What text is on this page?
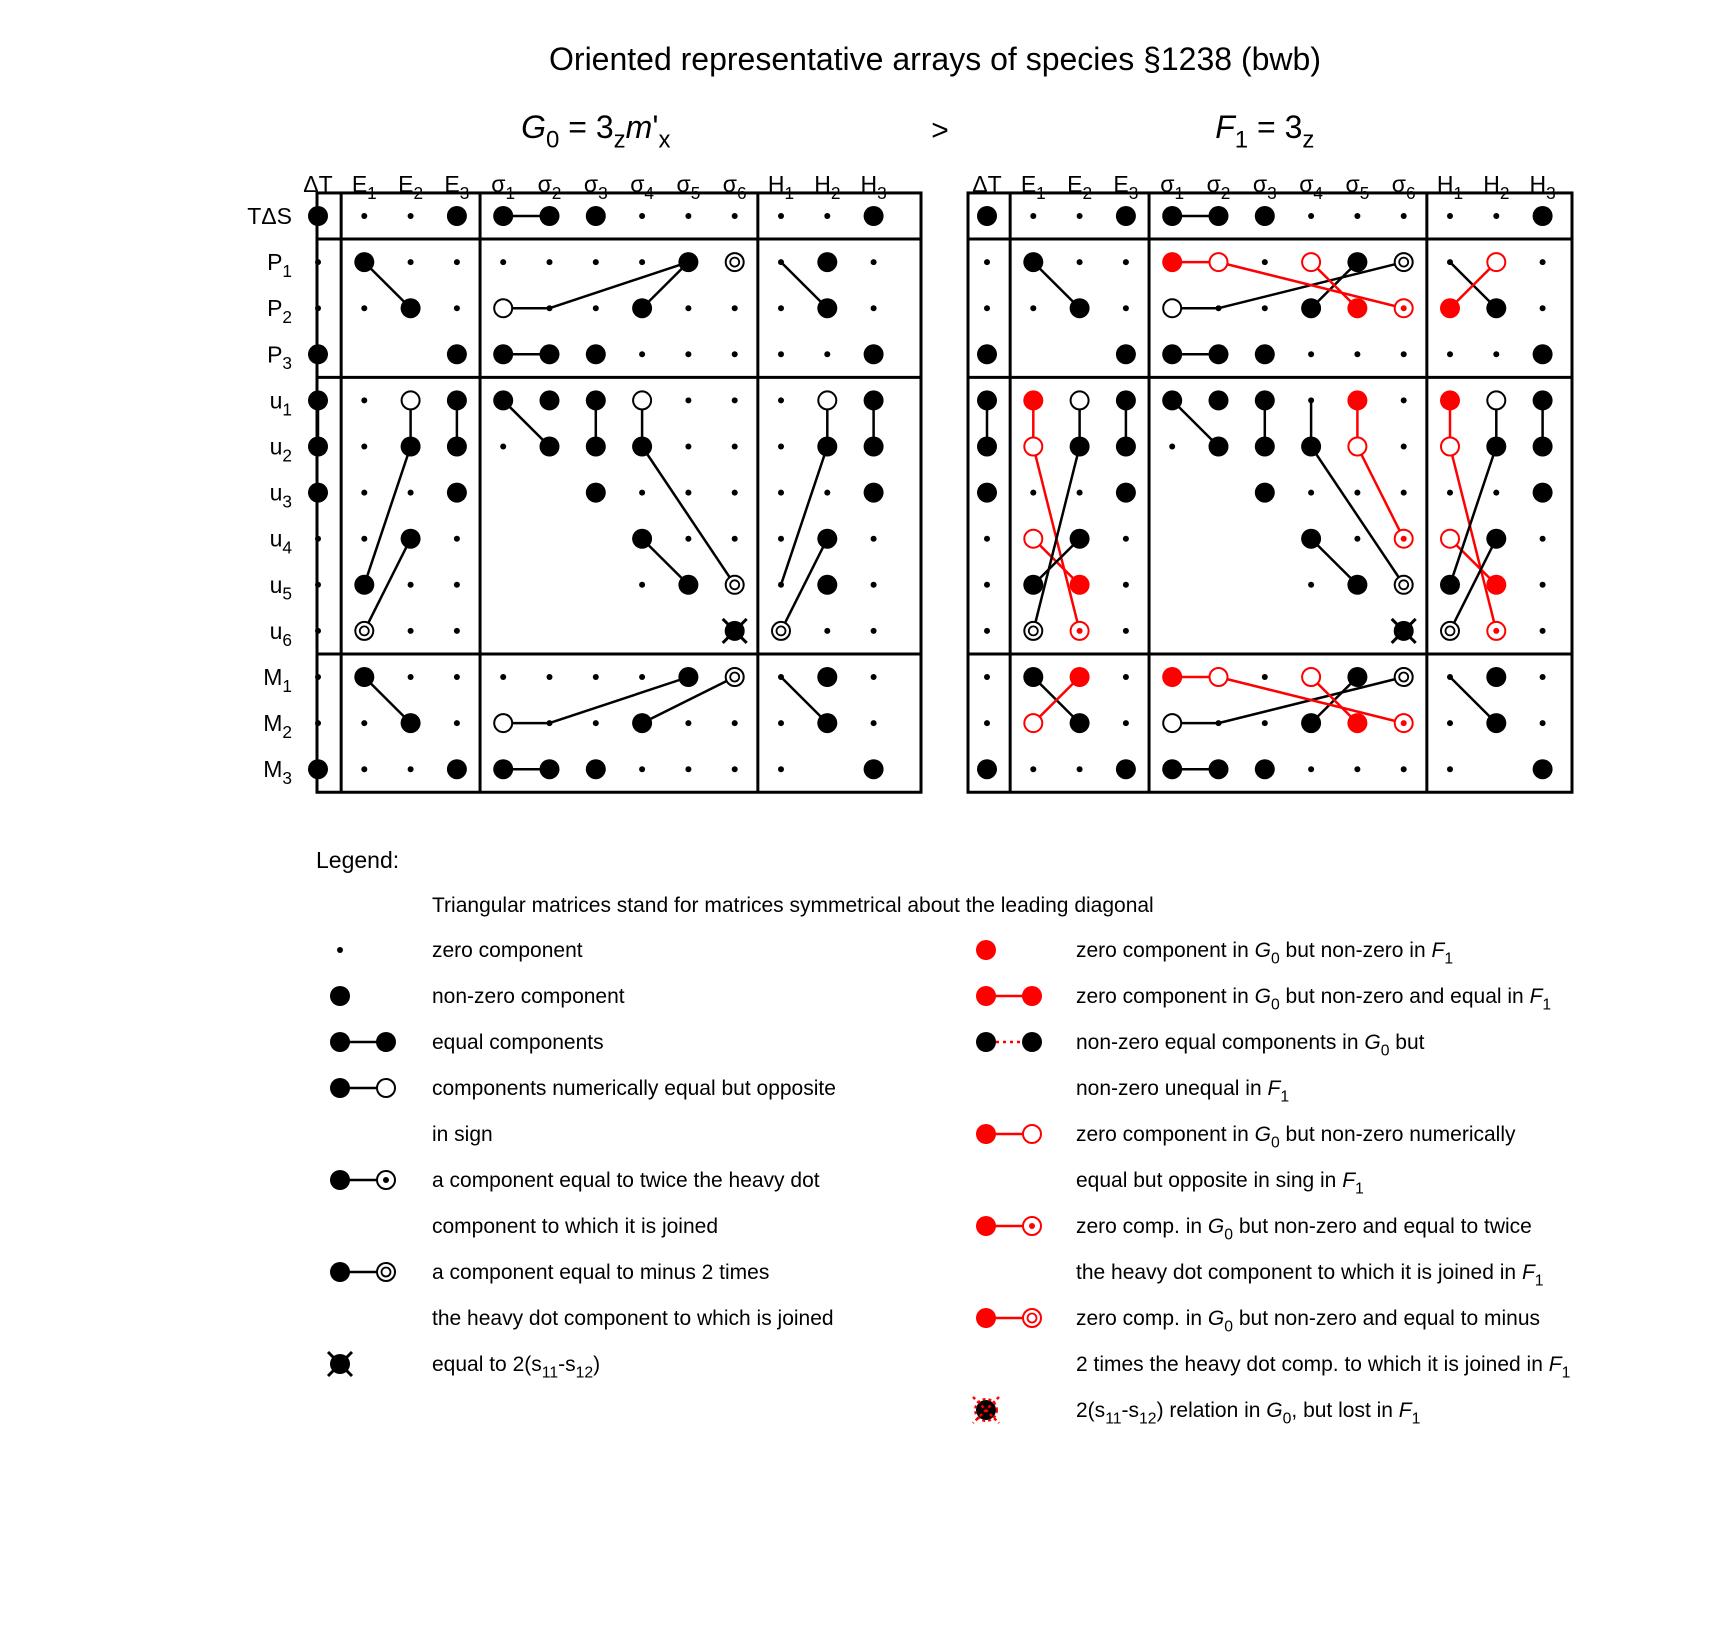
Oriented representative arrays of species §1238 (bwb)
>
$G_0 = 3_zm'_x$
ΔT $E_1$ $E_2$ $E_3$ $\sigma_1$ $\sigma_2$ $\sigma_3$ $\sigma_4$ $\sigma_5$ $\sigma_6$ $H_1$ $H_2$ $H_3$
TΔS
$P_1$
$P_2$
$P_3$
$u_1$
$u_2$
$u_3$
$u_4$
$u_5$
$u_6$
$M_1$
$M_2$
$M_3$
$F_1 = 3_z$
ΔT $E_1$ $E_2$ $E_3$ $\sigma_1$ $\sigma_2$ $\sigma_3$ $\sigma_4$ $\sigma_5$ $\sigma_6$ $H_1$ $H_2$ $H_3$
Legend:
Triangular matrices stand for matrices symmetrical about the leading diagonal
zero component
non-zero component
equal components
components numerically equal but opposite
in sign
a component equal to twice the heavy dot
component to which it is joined
a component equal to minus 2 times
the heavy dot component to which is joined
equal to $2(s_{11}-s_{12})$
zero component in $G_0$ but non-zero in $F_1$
zero component in $G_0$ but non-zero and equal in $F_1$
non-zero equal components in $G_0$ but
non-zero unequal in $F_1$
zero component in $G_0$ but non-zero numerically
equal but opposite in sing in $F_1$
zero comp. in $G_0$ but non-zero and equal to twice
the heavy dot component to which it is joined in $F_1$
zero comp. in $G_0$ but non-zero and equal to minus
2 times the heavy dot comp. to which it is joined in $F_1$
$2(s_{11}-s_{12})$ relation in $G_0$, but lost in $F_1$
